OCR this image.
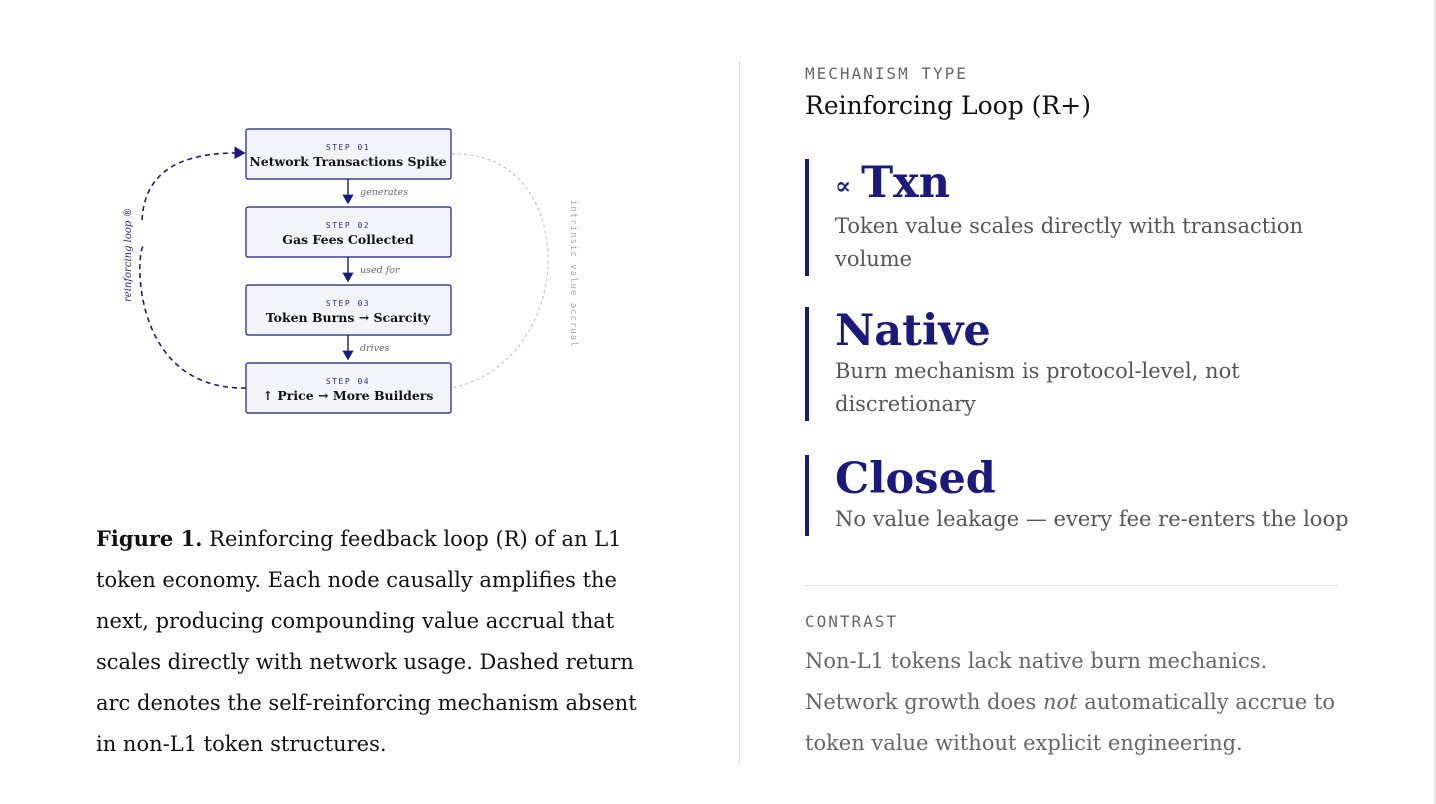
intrinsic value accrual
reinforcing loop ®
STEP 01
Network Transactions Spike
STEP 02
Gas Fees Collected
STEP 03
Token Burns → Scarcity
STEP 04
↑ Price → More Builders
generates
used for
drives

Figure 1. Reinforcing feedback loop (R) of an L1 token economy. Each node causally amplifies the next, producing compounding value accrual that scales directly with network usage. Dashed return arc denotes the self-reinforcing mechanism absent in non-L1 token structures.

MECHANISM TYPE

Reinforcing Loop (R+)

∝ Txn

Token value scales directly with transaction volume

Native

Burn mechanism is protocol-level, not discretionary

Closed

No value leakage — every fee re-enters the loop

CONTRAST

Non-L1 tokens lack native burn mechanics. Network growth does not automatically accrue to token value without explicit engineering.
